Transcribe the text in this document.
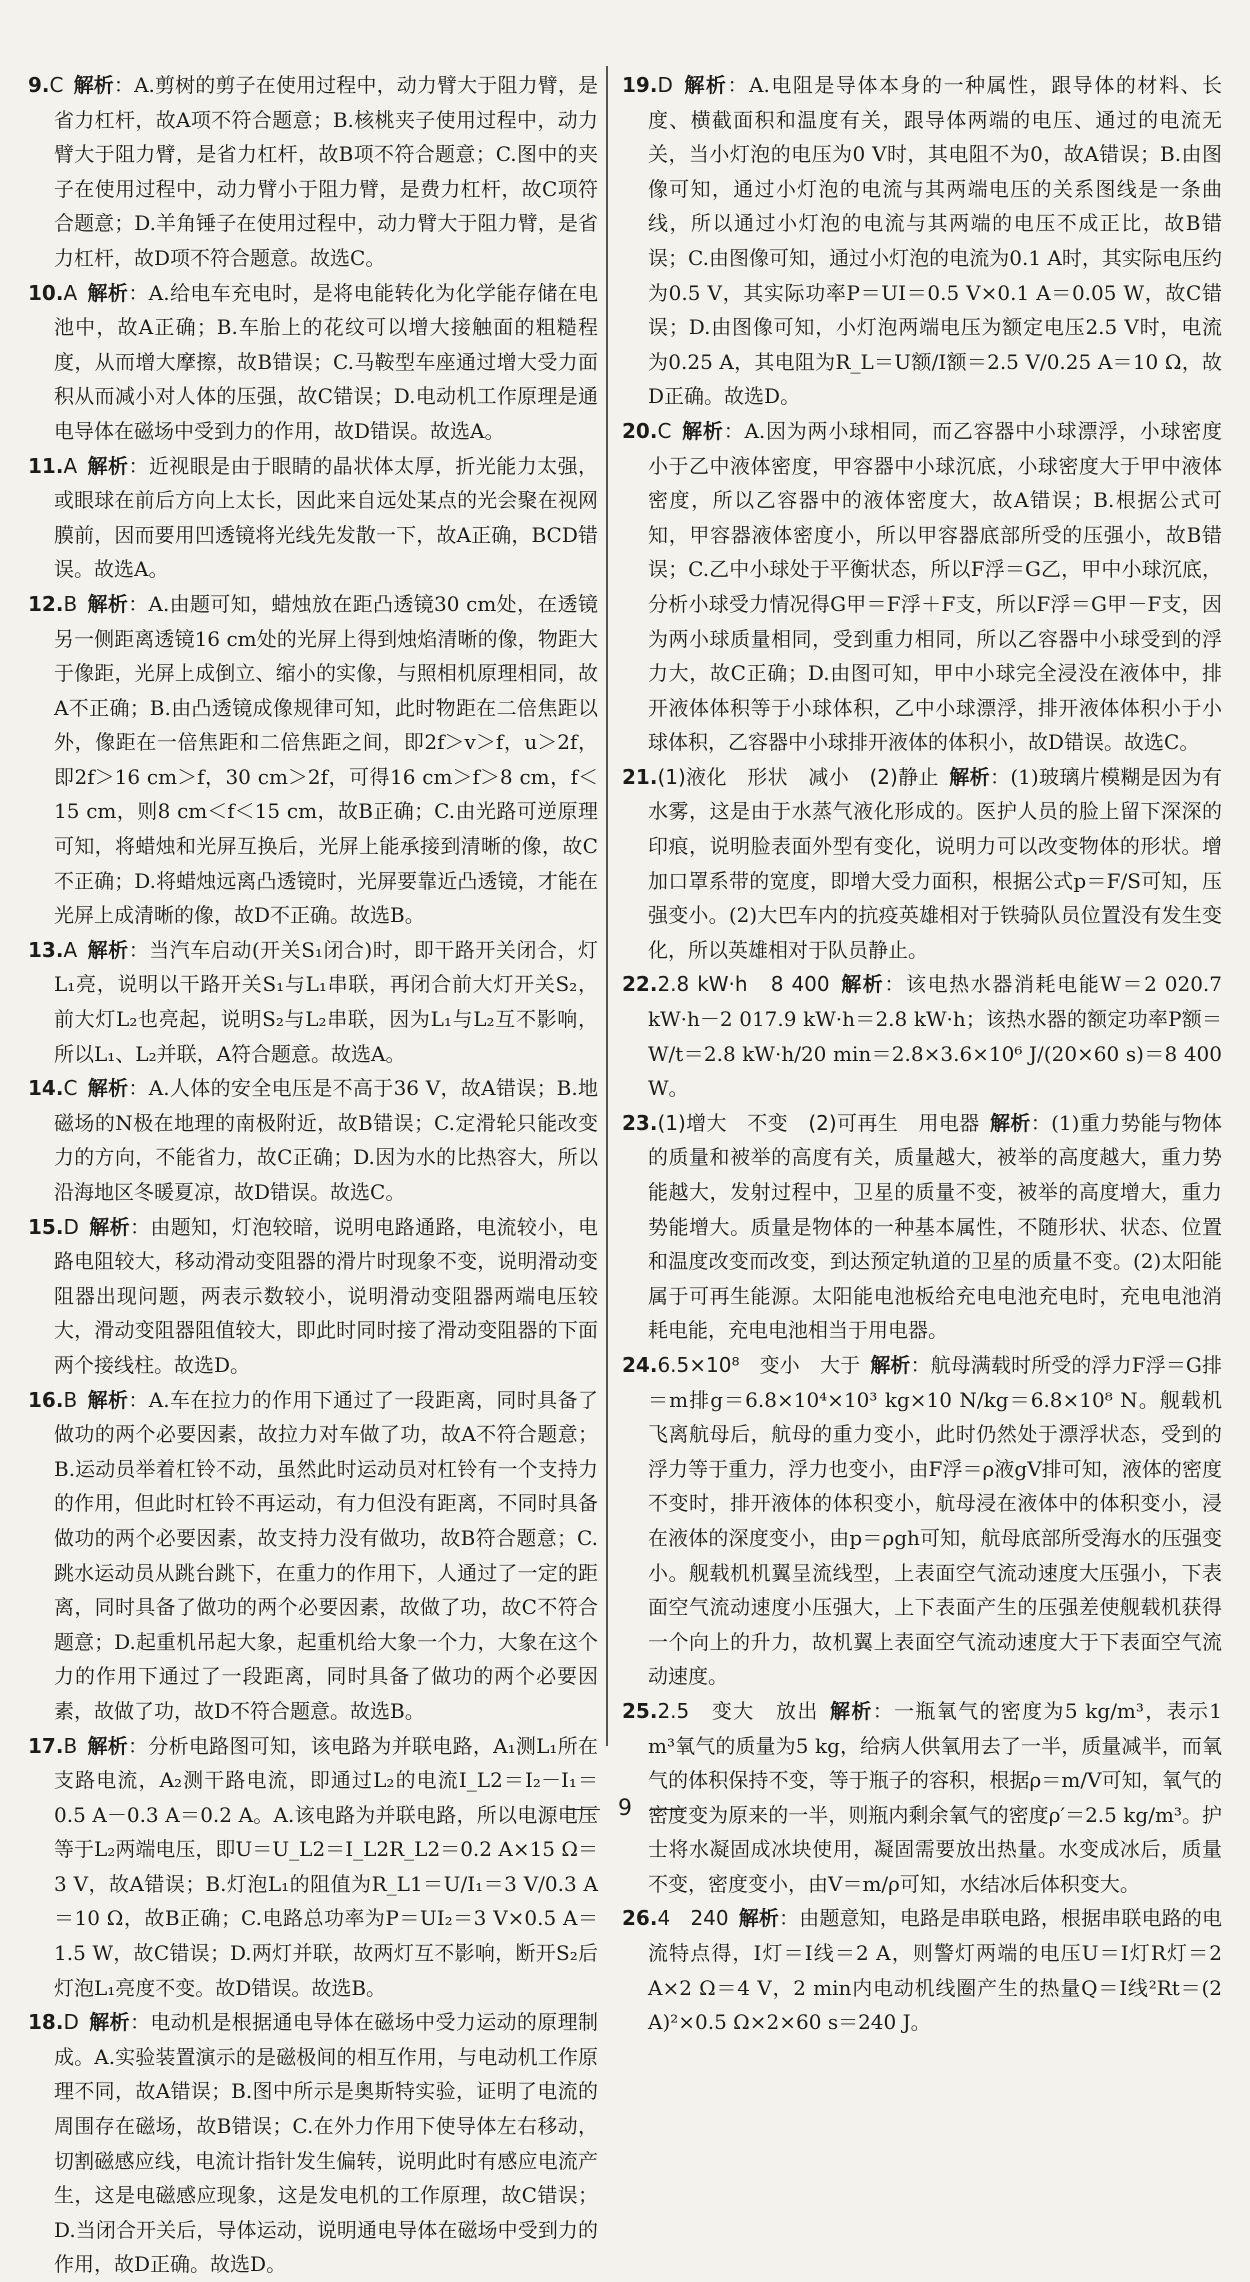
9.C  解析：A.剪树的剪子在使用过程中，动力臂大于阻力臂，是省力杠杆，故A项不符合题意；B.核桃夹子使用过程中，动力臂大于阻力臂，是省力杠杆，故B项不符合题意；C.图中的夹子在使用过程中，动力臂小于阻力臂，是费力杠杆，故C项符合题意；D.羊角锤子在使用过程中，动力臂大于阻力臂，是省力杠杆，故D项不符合题意。故选C。

10.A  解析：A.给电车充电时，是将电能转化为化学能存储在电池中，故A正确；B.车胎上的花纹可以增大接触面的粗糙程度，从而增大摩擦，故B错误；C.马鞍型车座通过增大受力面积从而减小对人体的压强，故C错误；D.电动机工作原理是通电导体在磁场中受到力的作用，故D错误。故选A。

11.A  解析：近视眼是由于眼睛的晶状体太厚，折光能力太强，或眼球在前后方向上太长，因此来自远处某点的光会聚在视网膜前，因而要用凹透镜将光线先发散一下，故A正确，BCD错误。故选A。

12.B  解析：A.由题可知，蜡烛放在距凸透镜30 cm处，在透镜另一侧距离透镜16 cm处的光屏上得到烛焰清晰的像，物距大于像距，光屏上成倒立、缩小的实像，与照相机原理相同，故A不正确；B.由凸透镜成像规律可知，此时物距在二倍焦距以外，像距在一倍焦距和二倍焦距之间，即2f＞v＞f，u＞2f，即2f＞16 cm＞f，30 cm＞2f，可得16 cm＞f＞8 cm，f＜15 cm，则8 cm＜f＜15 cm，故B正确；C.由光路可逆原理可知，将蜡烛和光屏互换后，光屏上能承接到清晰的像，故C不正确；D.将蜡烛远离凸透镜时，光屏要靠近凸透镜，才能在光屏上成清晰的像，故D不正确。故选B。

13.A  解析：当汽车启动(开关S₁闭合)时，即干路开关闭合，灯L₁亮，说明以干路开关S₁与L₁串联，再闭合前大灯开关S₂，前大灯L₂也亮起，说明S₂与L₂串联，因为L₁与L₂互不影响，所以L₁、L₂并联，A符合题意。故选A。

14.C  解析：A.人体的安全电压是不高于36 V，故A错误；B.地磁场的N极在地理的南极附近，故B错误；C.定滑轮只能改变力的方向，不能省力，故C正确；D.因为水的比热容大，所以沿海地区冬暖夏凉，故D错误。故选C。

15.D  解析：由题知，灯泡较暗，说明电路通路，电流较小，电路电阻较大，移动滑动变阻器的滑片时现象不变，说明滑动变阻器出现问题，两表示数较小，说明滑动变阻器两端电压较大，滑动变阻器阻值较大，即此时同时接了滑动变阻器的下面两个接线柱。故选D。

16.B  解析：A.车在拉力的作用下通过了一段距离，同时具备了做功的两个必要因素，故拉力对车做了功，故A不符合题意；B.运动员举着杠铃不动，虽然此时运动员对杠铃有一个支持力的作用，但此时杠铃不再运动，有力但没有距离，不同时具备做功的两个必要因素，故支持力没有做功，故B符合题意；C.跳水运动员从跳台跳下，在重力的作用下，人通过了一定的距离，同时具备了做功的两个必要因素，故做了功，故C不符合题意；D.起重机吊起大象，起重机给大象一个力，大象在这个力的作用下通过了一段距离，同时具备了做功的两个必要因素，故做了功，故D不符合题意。故选B。

17.B  解析：分析电路图可知，该电路为并联电路，A₁测L₁所在支路电流，A₂测干路电流，即通过L₂的电流I_L2＝I₂－I₁＝0.5 A－0.3 A＝0.2 A。A.该电路为并联电路，所以电源电压等于L₂两端电压，即U＝U_L2＝I_L2R_L2＝0.2 A×15 Ω＝3 V，故A错误；B.灯泡L₁的阻值为R_L1＝U/I₁＝3 V/0.3 A＝10 Ω，故B正确；C.电路总功率为P＝UI₂＝3 V×0.5 A＝1.5 W，故C错误；D.两灯并联，故两灯互不影响，断开S₂后灯泡L₁亮度不变。故D错误。故选B。

18.D  解析：电动机是根据通电导体在磁场中受力运动的原理制成。A.实验装置演示的是磁极间的相互作用，与电动机工作原理不同，故A错误；B.图中所示是奥斯特实验，证明了电流的周围存在磁场，故B错误；C.在外力作用下使导体左右移动，切割磁感应线，电流计指针发生偏转，说明此时有感应电流产生，这是电磁感应现象，这是发电机的工作原理，故C错误；D.当闭合开关后，导体运动，说明通电导体在磁场中受到力的作用，故D正确。故选D。

19.D  解析：A.电阻是导体本身的一种属性，跟导体的材料、长度、横截面积和温度有关，跟导体两端的电压、通过的电流无关，当小灯泡的电压为0 V时，其电阻不为0，故A错误；B.由图像可知，通过小灯泡的电流与其两端电压的关系图线是一条曲线，所以通过小灯泡的电流与其两端的电压不成正比，故B错误；C.由图像可知，通过小灯泡的电流为0.1 A时，其实际电压约为0.5 V，其实际功率P＝UI＝0.5 V×0.1 A＝0.05 W，故C错误；D.由图像可知，小灯泡两端电压为额定电压2.5 V时，电流为0.25 A，其电阻为R_L＝U额/I额＝2.5 V/0.25 A＝10 Ω，故D正确。故选D。

20.C  解析：A.因为两小球相同，而乙容器中小球漂浮，小球密度小于乙中液体密度，甲容器中小球沉底，小球密度大于甲中液体密度，所以乙容器中的液体密度大，故A错误；B.根据公式可知，甲容器液体密度小，所以甲容器底部所受的压强小，故B错误；C.乙中小球处于平衡状态，所以F浮＝G乙，甲中小球沉底，分析小球受力情况得G甲＝F浮＋F支，所以F浮＝G甲－F支，因为两小球质量相同，受到重力相同，所以乙容器中小球受到的浮力大，故C正确；D.由图可知，甲中小球完全浸没在液体中，排开液体体积等于小球体积，乙中小球漂浮，排开液体体积小于小球体积，乙容器中小球排开液体的体积小，故D错误。故选C。

21.(1)液化　形状　减小　(2)静止  解析：(1)玻璃片模糊是因为有水雾，这是由于水蒸气液化形成的。医护人员的脸上留下深深的印痕，说明脸表面外型有变化，说明力可以改变物体的形状。增加口罩系带的宽度，即增大受力面积，根据公式p＝F/S可知，压强变小。(2)大巴车内的抗疫英雄相对于铁骑队员位置没有发生变化，所以英雄相对于队员静止。

22.2.8 kW·h　8 400  解析：该电热水器消耗电能W＝2 020.7 kW·h－2 017.9 kW·h＝2.8 kW·h；该热水器的额定功率P额＝W/t＝2.8 kW·h/20 min＝2.8×3.6×10⁶ J/(20×60 s)＝8 400 W。

23.(1)增大　不变　(2)可再生　用电器  解析：(1)重力势能与物体的质量和被举的高度有关，质量越大，被举的高度越大，重力势能越大，发射过程中，卫星的质量不变，被举的高度增大，重力势能增大。质量是物体的一种基本属性，不随形状、状态、位置和温度改变而改变，到达预定轨道的卫星的质量不变。(2)太阳能属于可再生能源。太阳能电池板给充电电池充电时，充电电池消耗电能，充电电池相当于用电器。

24.6.5×10⁸　变小　大于  解析：航母满载时所受的浮力F浮＝G排＝m排g＝6.8×10⁴×10³ kg×10 N/kg＝6.8×10⁸ N。舰载机飞离航母后，航母的重力变小，此时仍然处于漂浮状态，受到的浮力等于重力，浮力也变小，由F浮＝ρ液gV排可知，液体的密度不变时，排开液体的体积变小，航母浸在液体中的体积变小，浸在液体的深度变小，由p＝ρgh可知，航母底部所受海水的压强变小。舰载机机翼呈流线型，上表面空气流动速度大压强小，下表面空气流动速度小压强大，上下表面产生的压强差使舰载机获得一个向上的升力，故机翼上表面空气流动速度大于下表面空气流动速度。

25.2.5　变大　放出  解析：一瓶氧气的密度为5 kg/m³，表示1 m³氧气的质量为5 kg，给病人供氧用去了一半，质量减半，而氧气的体积保持不变，等于瓶子的容积，根据ρ＝m/V可知，氧气的密度变为原来的一半，则瓶内剩余氧气的密度ρ′＝2.5 kg/m³。护士将水凝固成冰块使用，凝固需要放出热量。水变成冰后，质量不变，密度变小，由V＝m/ρ可知，水结冰后体积变大。

26.4　240  解析：由题意知，电路是串联电路，根据串联电路的电流特点得，I灯＝I线＝2 A，则警灯两端的电压U＝I灯R灯＝2 A×2 Ω＝4 V，2 min内电动机线圈产生的热量Q＝I线²Rt＝(2 A)²×0.5 Ω×2×60 s＝240 J。

9
